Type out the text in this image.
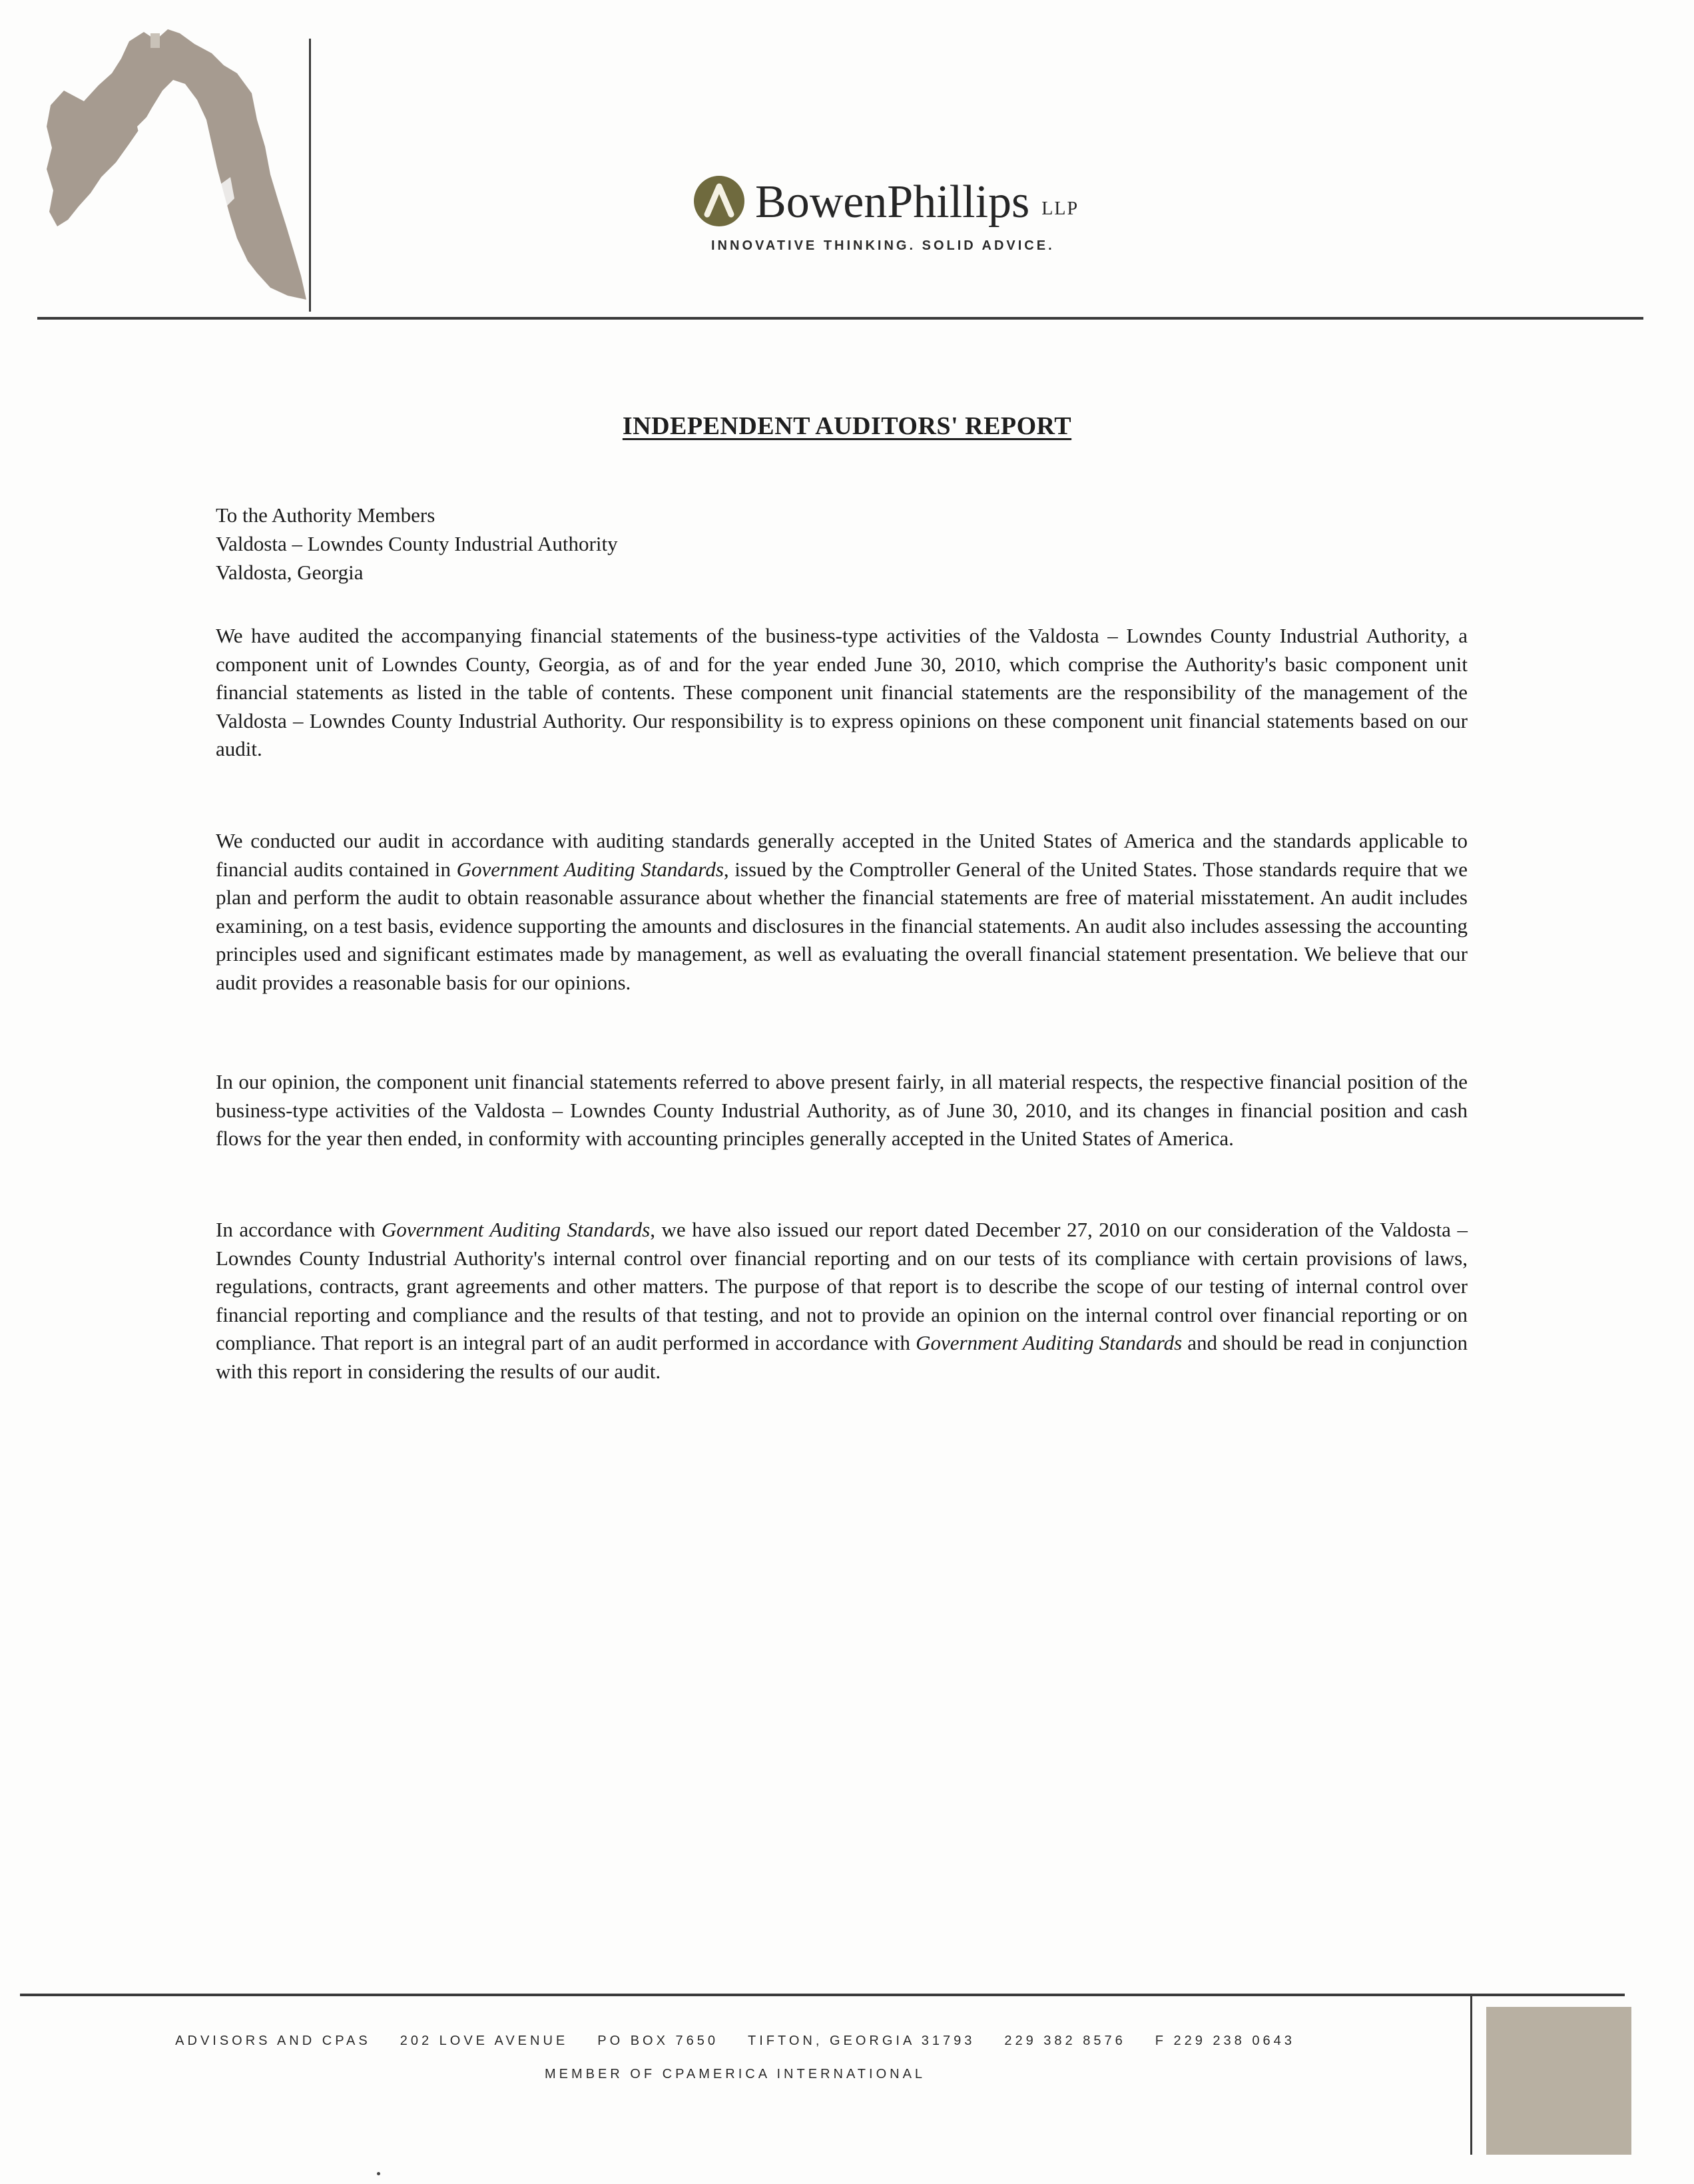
BowenPhillips LLP
INNOVATIVE THINKING. SOLID ADVICE.
INDEPENDENT AUDITORS' REPORT
To the Authority Members
Valdosta – Lowndes County Industrial Authority
Valdosta, Georgia
We have audited the accompanying financial statements of the business-type activities of the Valdosta – Lowndes County Industrial Authority, a component unit of Lowndes County, Georgia, as of and for the year ended June 30, 2010, which comprise the Authority's basic component unit financial statements as listed in the table of contents. These component unit financial statements are the responsibility of the management of the Valdosta – Lowndes County Industrial Authority. Our responsibility is to express opinions on these component unit financial statements based on our audit.
We conducted our audit in accordance with auditing standards generally accepted in the United States of America and the standards applicable to financial audits contained in Government Auditing Standards, issued by the Comptroller General of the United States. Those standards require that we plan and perform the audit to obtain reasonable assurance about whether the financial statements are free of material misstatement. An audit includes examining, on a test basis, evidence supporting the amounts and disclosures in the financial statements. An audit also includes assessing the accounting principles used and significant estimates made by management, as well as evaluating the overall financial statement presentation. We believe that our audit provides a reasonable basis for our opinions.
In our opinion, the component unit financial statements referred to above present fairly, in all material respects, the respective financial position of the business-type activities of the Valdosta – Lowndes County Industrial Authority, as of June 30, 2010, and its changes in financial position and cash flows for the year then ended, in conformity with accounting principles generally accepted in the United States of America.
In accordance with Government Auditing Standards, we have also issued our report dated December 27, 2010 on our consideration of the Valdosta – Lowndes County Industrial Authority's internal control over financial reporting and on our tests of its compliance with certain provisions of laws, regulations, contracts, grant agreements and other matters. The purpose of that report is to describe the scope of our testing of internal control over financial reporting and compliance and the results of that testing, and not to provide an opinion on the internal control over financial reporting or on compliance. That report is an integral part of an audit performed in accordance with Government Auditing Standards and should be read in conjunction with this report in considering the results of our audit.
ADVISORS AND CPAS 202 LOVE AVENUE PO BOX 7650 TIFTON, GEORGIA 31793 229 382 8576 F 229 238 0643
MEMBER OF CPAMERICA INTERNATIONAL
